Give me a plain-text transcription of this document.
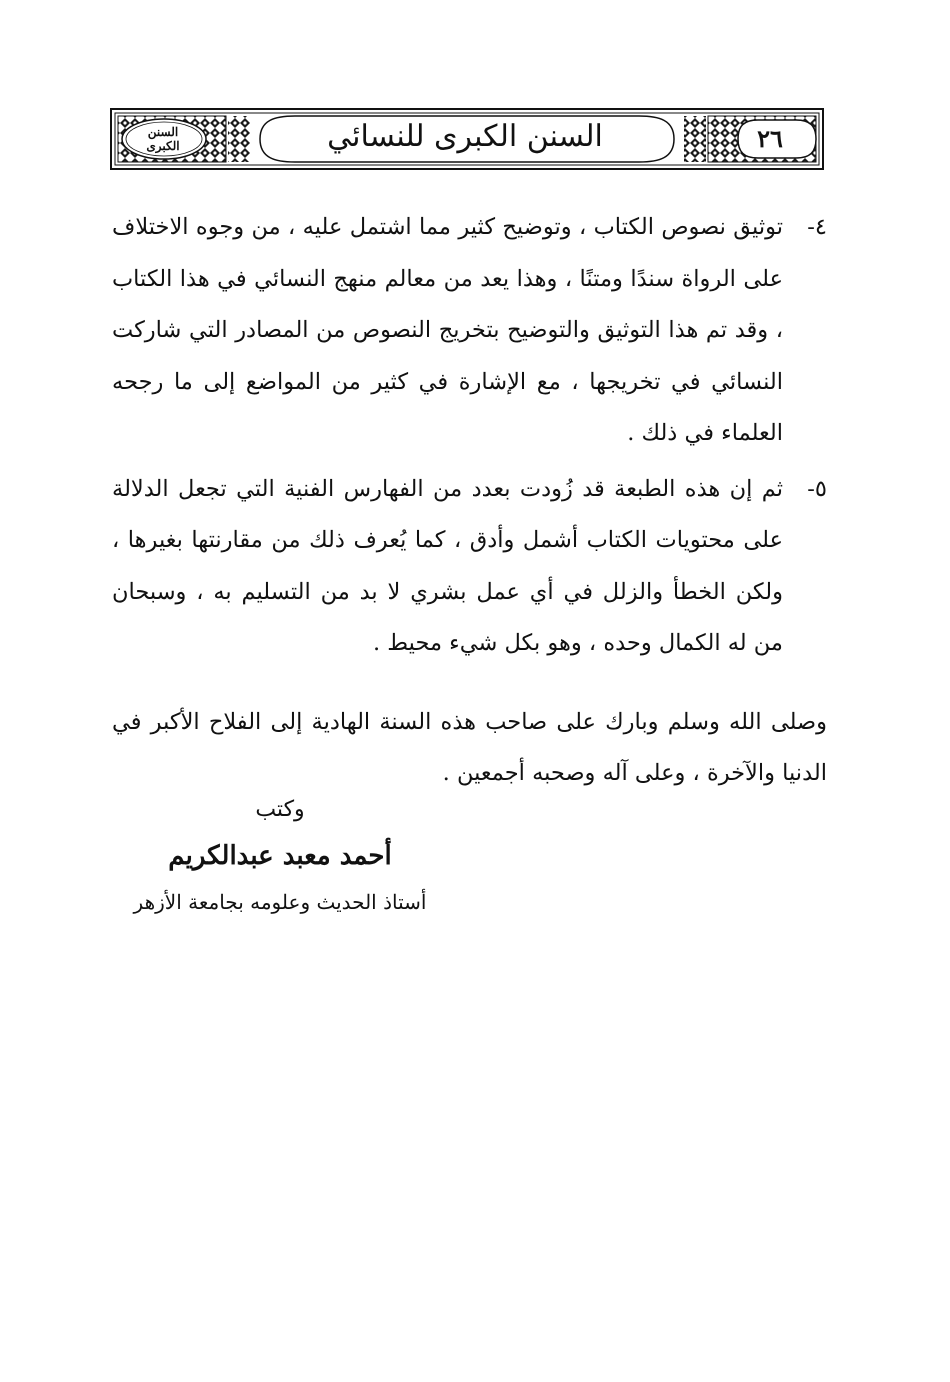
السنن
الكبرى	السنن الكبرى للنسائي	٢٦

٤-
توثيق نصوص الكتاب ، وتوضيح كثير مما اشتمل عليه ، من وجوه الاختلاف على الرواة سندًا ومتنًا ، وهذا يعد من معالم منهج النسائي في هذا الكتاب ، وقد تم هذا التوثيق والتوضيح بتخريج النصوص من المصادر التي شاركت النسائي في تخريجها ، مع الإشارة في كثير من المواضع إلى ما رجحه العلماء في ذلك .

٥-
ثم إن هذه الطبعة قد زُودت بعدد من الفهارس الفنية التي تجعل الدلالة على محتويات الكتاب أشمل وأدق ، كما يُعرف ذلك من مقارنتها بغيرها ، ولكن الخطأ والزلل في أي عمل بشري لا بد من التسليم به ، وسبحان من له الكمال وحده ، وهو بكل شيء محيط .

وصلى الله وسلم وبارك على صاحب هذه السنة الهادية إلى الفلاح الأكبر في الدنيا والآخرة ، وعلى آله وصحبه أجمعين .

وكتب
أحمد معبد عبدالكريم
أستاذ الحديث وعلومه بجامعة الأزهر
